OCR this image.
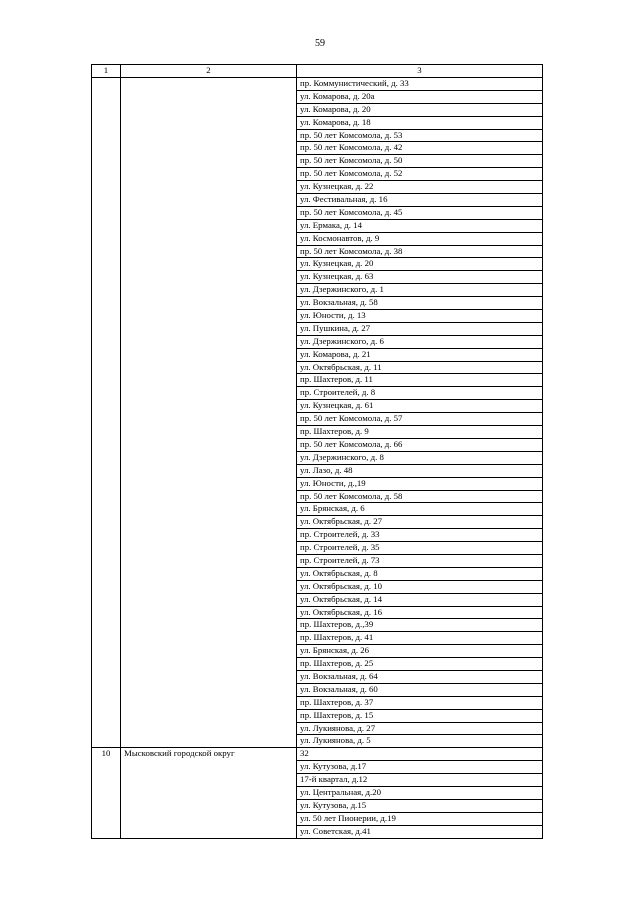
59
1	2	3
		пр. Коммунистический, д. 33
		ул. Комарова, д. 20а
		ул. Комарова, д. 20
		ул. Комарова, д. 18
		пр. 50 лет Комсомола, д. 53
		пр. 50 лет Комсомола, д. 42
		пр. 50 лет Комсомола, д. 50
		пр. 50 лет Комсомола, д. 52
		ул. Кузнецкая, д. 22
		ул. Фестивальная, д. 16
		пр. 50 лет Комсомола, д. 45
		ул. Ермака, д. 14
		ул. Космонавтов, д. 9
		пр. 50 лет Комсомола, д. 38
		ул. Кузнецкая, д. 20
		ул. Кузнецкая, д. 63
		ул. Дзержинского, д. 1
		ул. Вокзальная, д. 58
		ул. Юности, д. 13
		ул. Пушкина, д. 27
		ул. Дзержинского, д. 6
		ул. Комарова, д. 21
		ул. Октябрьская, д. 11
		пр. Шахтеров, д. 11
		пр. Строителей, д. 8
		ул. Кузнецкая, д. 61
		пр. 50 лет Комсомола, д. 57
		пр. Шахтеров, д. 9
		пр. 50 лет Комсомола, д. 66
		ул. Дзержинского, д. 8
		ул. Лазо, д. 48
		ул. Юности, д.,19
		пр. 50 лет Комсомола, д. 58
		ул. Брянская, д. 6
		ул. Октябрьская, д. 27
		пр. Строителей, д. 33
		пр. Строителей, д. 35
		пр. Строителей, д. 73
		ул. Октябрьская, д. 8
		ул. Октябрьская, д. 10
		ул. Октябрьская, д. 14
		ул. Октябрьская, д. 16
		пр. Шахтеров, д.,39
		пр. Шахтеров, д. 41
		ул. Брянская, д. 26
		пр. Шахтеров, д. 25
		ул. Вокзальная, д. 64
		ул. Вокзальная, д. 60
		пр. Шахтеров, д. 37
		пр. Шахтеров, д. 15
		ул. Лукиянова, д. 27
		ул. Лукиянова, д. 5
10	Мысковский городской округ	32
		ул. Кутузова, д.17
		17-й квартал, д.12
		ул. Центральная, д.20
		ул. Кутузова, д.15
		ул. 50 лет Пионерии, д.19
		ул. Советская, д.41
